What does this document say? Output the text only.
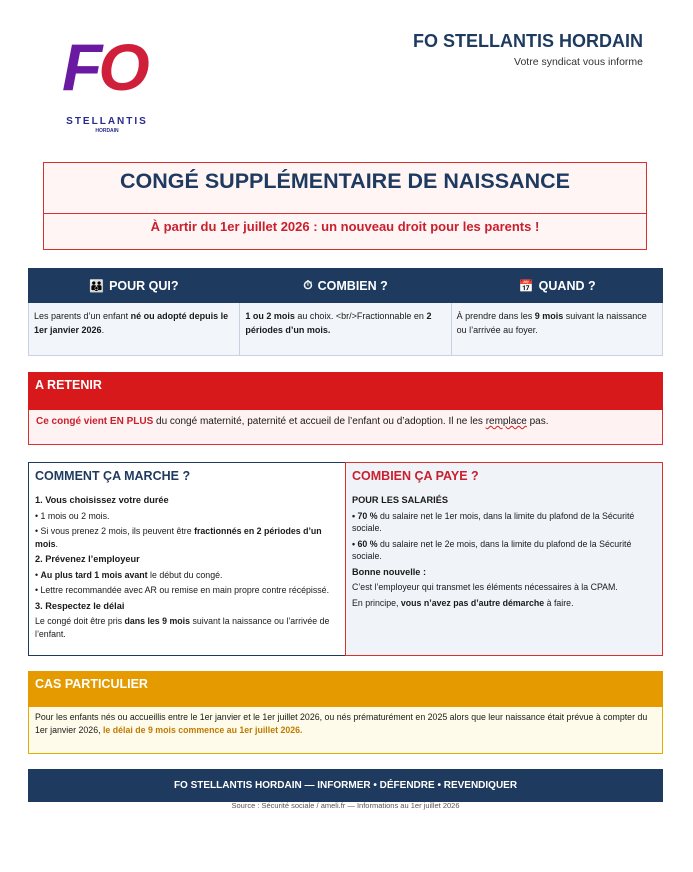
FO
STELLANTIS
HORDAIN
FO STELLANTIS HORDAIN
Votre syndicat vous informe
CONGÉ SUPPLÉMENTAIRE DE NAISSANCE
À partir du 1er juillet 2026 : un nouveau droit pour les parents !
👪 POUR QUI?	⏱ COMBIEN ?	📅 QUAND ?
Les parents d’un enfant né ou adopté depuis le 1er janvier 2026.
1 ou 2 mois au choix. <br/>Fractionnable en 2 périodes d’un mois.
À prendre dans les 9 mois suivant la naissance ou l’arrivée au foyer.
A RETENIR
Ce congé vient EN PLUS du congé maternité, paternité et accueil de l’enfant ou d’adoption. Il ne les remplace pas.
COMMENT ÇA MARCHE ?
1. Vous choisissez votre durée
• 1 mois ou 2 mois.
• Si vous prenez 2 mois, ils peuvent être fractionnés en 2 périodes d’un mois.
2. Prévenez l’employeur
• Au plus tard 1 mois avant le début du congé.
• Lettre recommandée avec AR ou remise en main propre contre récépissé.
3. Respectez le délai
Le congé doit être pris dans les 9 mois suivant la naissance ou l’arrivée de l’enfant.
COMBIEN ÇA PAYE ?
POUR LES SALARIÉS
• 70 % du salaire net le 1er mois, dans la limite du plafond de la Sécurité sociale.
• 60 % du salaire net le 2e mois, dans la limite du plafond de la Sécurité sociale.
Bonne nouvelle :
C’est l’employeur qui transmet les éléments nécessaires à la CPAM.
En principe, vous n’avez pas d’autre démarche à faire.
CAS PARTICULIER
Pour les enfants nés ou accueillis entre le 1er janvier et le 1er juillet 2026, ou nés prématurément en 2025 alors que leur naissance était prévue à compter du 1er janvier 2026, le délai de 9 mois commence au 1er juillet 2026.
FO STELLANTIS HORDAIN — INFORMER • DÉFENDRE • REVENDIQUER
Source : Sécurité sociale / ameli.fr — Informations au 1er juillet 2026
